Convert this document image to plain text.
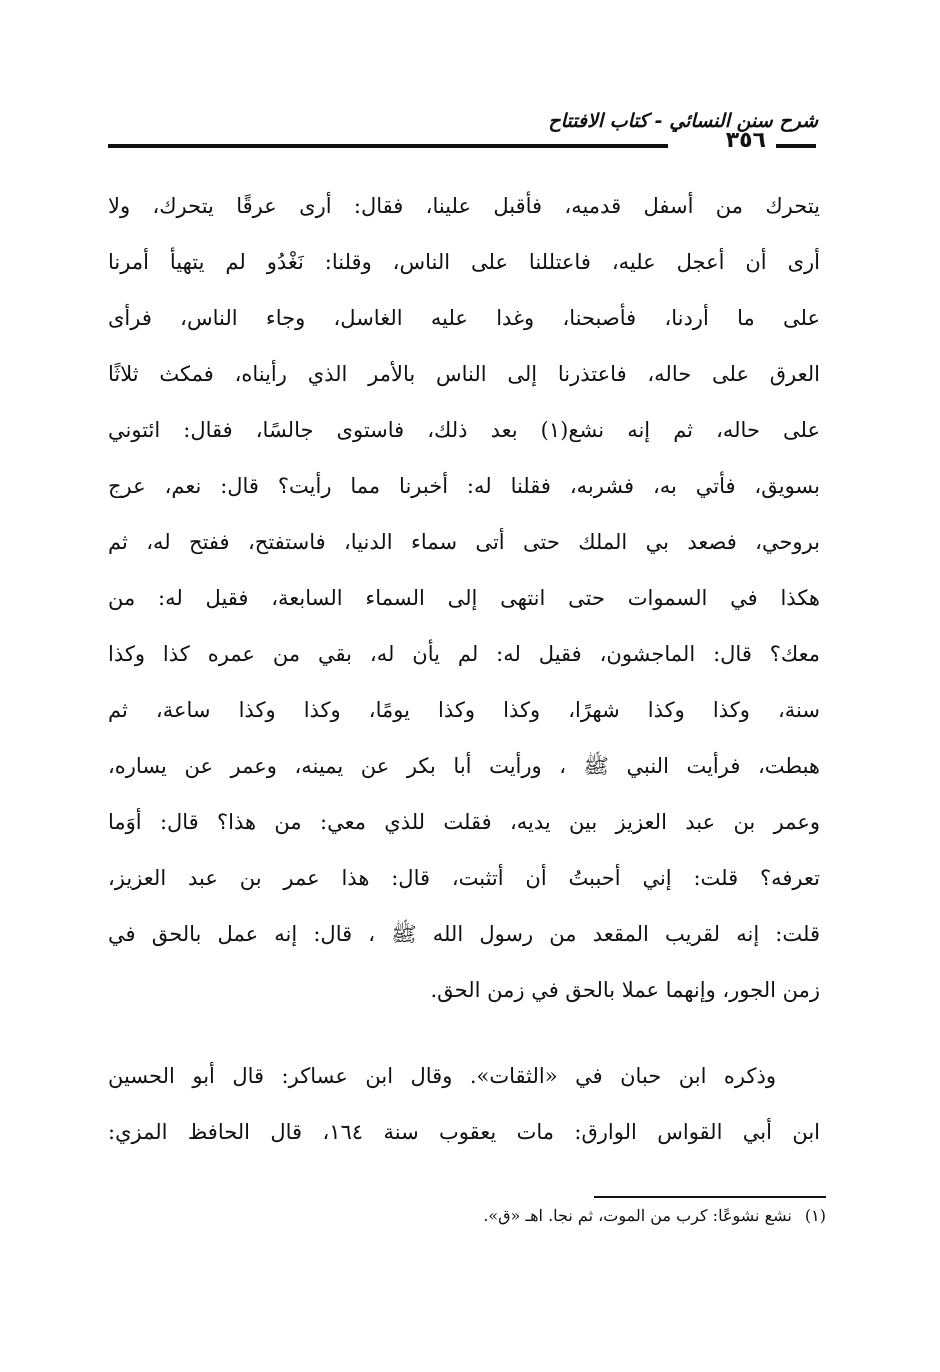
شرح سنن النسائي - كتاب الافتتاح
٣٥٦
يتحرك من أسفل قدميه، فأقبل علينا، فقال: أرى عرقًا يتحرك، ولا
أرى أن أعجل عليه، فاعتللنا على الناس، وقلنا: نَغْدُو لم يتهيأ أمرنا
على ما أردنا، فأصبحنا، وغدا عليه الغاسل، وجاء الناس، فرأى
العرق على حاله، فاعتذرنا إلى الناس بالأمر الذي رأيناه، فمكث ثلاثًا
على حاله، ثم إنه نشع(١) بعد ذلك، فاستوى جالسًا، فقال: ائتوني
بسويق، فأتي به، فشربه، فقلنا له: أخبرنا مما رأيت؟ قال: نعم، عرج
بروحي، فصعد بي الملك حتى أتى سماء الدنيا، فاستفتح، ففتح له، ثم
هكذا في السموات حتى انتهى إلى السماء السابعة، فقيل له: من
معك؟ قال: الماجشون، فقيل له: لم يأن له، بقي من عمره كذا وكذا
سنة، وكذا وكذا شهرًا، وكذا وكذا يومًا، وكذا وكذا ساعة، ثم
هبطت، فرأيت النبي ﷺ ، ورأيت أبا بكر عن يمينه، وعمر عن يساره،
وعمر بن عبد العزيز بين يديه، فقلت للذي معي: من هذا؟ قال: أوَما
تعرفه؟ قلت: إني أحببتُ أن أتثبت، قال: هذا عمر بن عبد العزيز،
قلت: إنه لقريب المقعد من رسول الله ﷺ ، قال: إنه عمل بالحق في
زمن الجور، وإنهما عملا بالحق في زمن الحق.
وذكره ابن حبان في «الثقات». وقال ابن عساكر: قال أبو الحسين
ابن أبي القواس الوارق: مات يعقوب سنة ١٦٤، قال الحافظ المزي:
(١) نشع نشوعًا: كرب من الموت، ثم نجا. اهـ «ق».
